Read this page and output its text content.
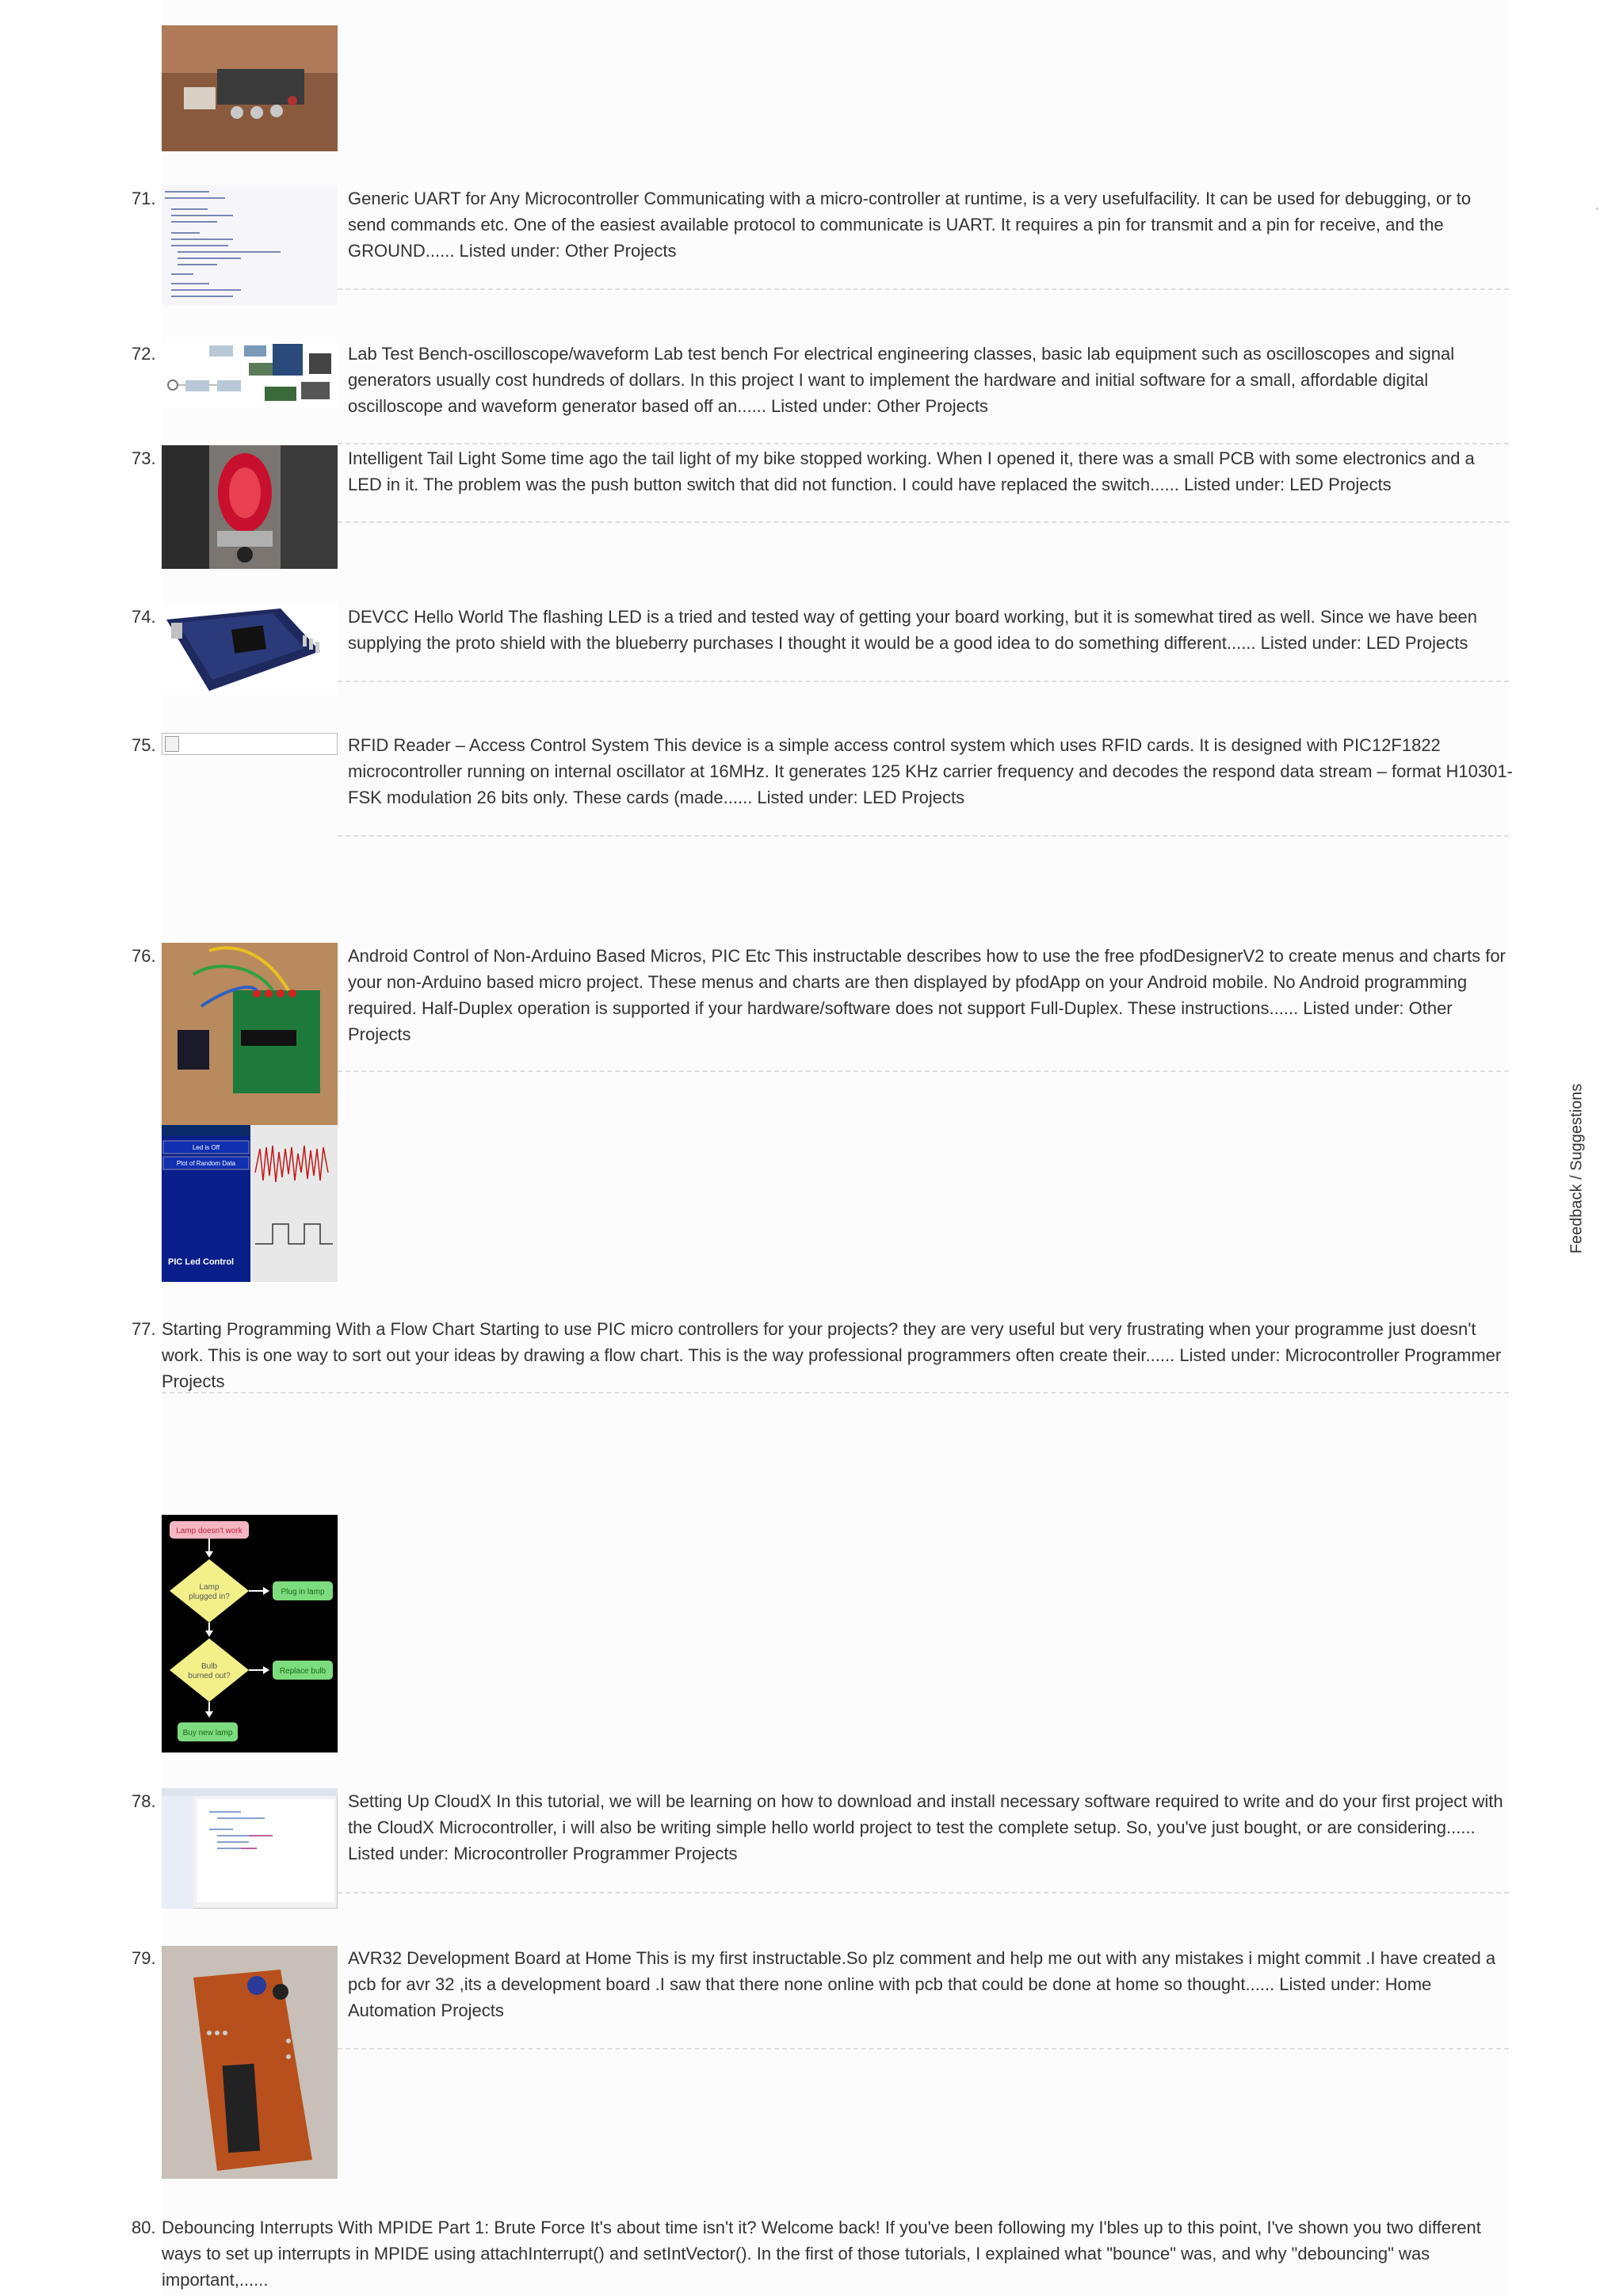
71.	Generic UART for Any Microcontroller Communicating with a micro-controller at runtime, is a very usefulfacility. It can be used for debugging, or to send commands etc. One of the easiest available protocol to communicate is UART. It requires a pin for transmit and a pin for receive, and the GROUND...... Listed under: Other Projects

72.	Lab Test Bench-oscilloscope/waveform Lab test bench For electrical engineering classes, basic lab equipment such as oscilloscopes and signal generators usually cost hundreds of dollars. In this project I want to implement the hardware and initial software for a small, affordable digital oscilloscope and waveform generator based off an...... Listed under: Other Projects

73.	Intelligent Tail Light Some time ago the tail light of my bike stopped working. When I opened it, there was a small PCB with some electronics and a LED in it. The problem was the push button switch that did not function. I could have replaced the switch...... Listed under: LED Projects

74.	DEVCC Hello World The flashing LED is a tried and tested way of getting your board working, but it is somewhat tired as well. Since we have been supplying the proto shield with the blueberry purchases I thought it would be a good idea to do something different...... Listed under: LED Projects

75.	RFID Reader – Access Control System This device is a simple access control system which uses RFID cards. It is designed with PIC12F1822 microcontroller running on internal oscillator at 16MHz. It generates 125 KHz carrier frequency and decodes the respond data stream – format H10301- FSK modulation 26 bits only. These cards (made...... Listed under: LED Projects

76.
Led is Off
Plot of Random Data
PIC Led Control

Android Control of Non-Arduino Based Micros, PIC Etc This instructable describes how to use the free pfodDesignerV2 to create menus and charts for your non-Arduino based micro project. These menus and charts are then displayed by pfodApp on your Android mobile. No Android programming required. Half-Duplex operation is supported if your hardware/software does not support Full-Duplex. These instructions...... Listed under: Other Projects

77. Starting Programming With a Flow Chart Starting to use PIC micro controllers for your projects? they are very useful but very frustrating when your programme just doesn't work. This is one way to sort out your ideas by drawing a flow chart. This is the way professional programmers often create their...... Listed under: Microcontroller Programmer Projects

Lamp doesn't work
Lamp
plugged in?
Plug in lamp
Bulb
burned out?
Replace bulb
Buy new lamp
78.	Setting Up CloudX In this tutorial, we will be learning on how to download and install necessary software required to write and do your first project with the CloudX Microcontroller, i will also be writing simple hello world project to test the complete setup. So, you've just bought, or are considering...... Listed under: Microcontroller Programmer Projects

79.	AVR32 Development Board at Home This is my first instructable.So plz comment and help me out with any mistakes i might commit .I have created a pcb for avr 32 ,its a development board .I saw that there none online with pcb that could be done at home so thought...... Listed under: Home Automation Projects

80. Debouncing Interrupts With MPIDE Part 1: Brute Force It's about time isn't it? Welcome back! If you've been following my I'bles up to this point, I've shown you two different ways to set up interrupts in MPIDE using attachInterrupt() and setIntVector(). In the first of those tutorials, I explained what "bounce" was, and why "debouncing" was important,......

Feedback / Suggestions
